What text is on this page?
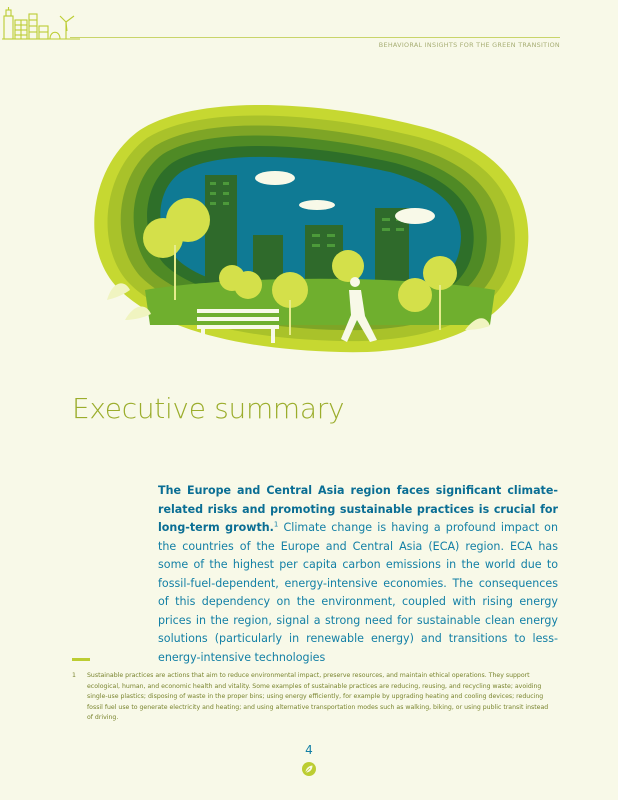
BEHAVIORAL INSIGHTS FOR THE GREEN TRANSITION
Executive summary

The Europe and Central Asia region faces significant climate-related risks and promoting sustainable practices is crucial for long-term growth.$^1$ Climate change is having a profound impact on the countries of the Europe and Central Asia (ECA) region. ECA has some of the highest per capita carbon emissions in the world due to fossil-fuel-dependent, energy-intensive economies. The consequences of this dependency on the environment, coupled with rising energy prices in the region, signal a strong need for sustainable clean energy solutions (particularly in renewable energy) and transitions to less-energy-intensive technologies

1 Sustainable practices are actions that aim to reduce environmental impact, preserve resources, and maintain ethical operations. They support ecological, human, and economic health and vitality. Some examples of sustainable practices are reducing, reusing, and recycling waste; avoiding single-use plastics; disposing of waste in the proper bins; using energy efficiently, for example by upgrading heating and cooling devices; reducing fossil fuel use to generate electricity and heating; and using alternative transportation modes such as walking, biking, or using public transit instead of driving.
4
